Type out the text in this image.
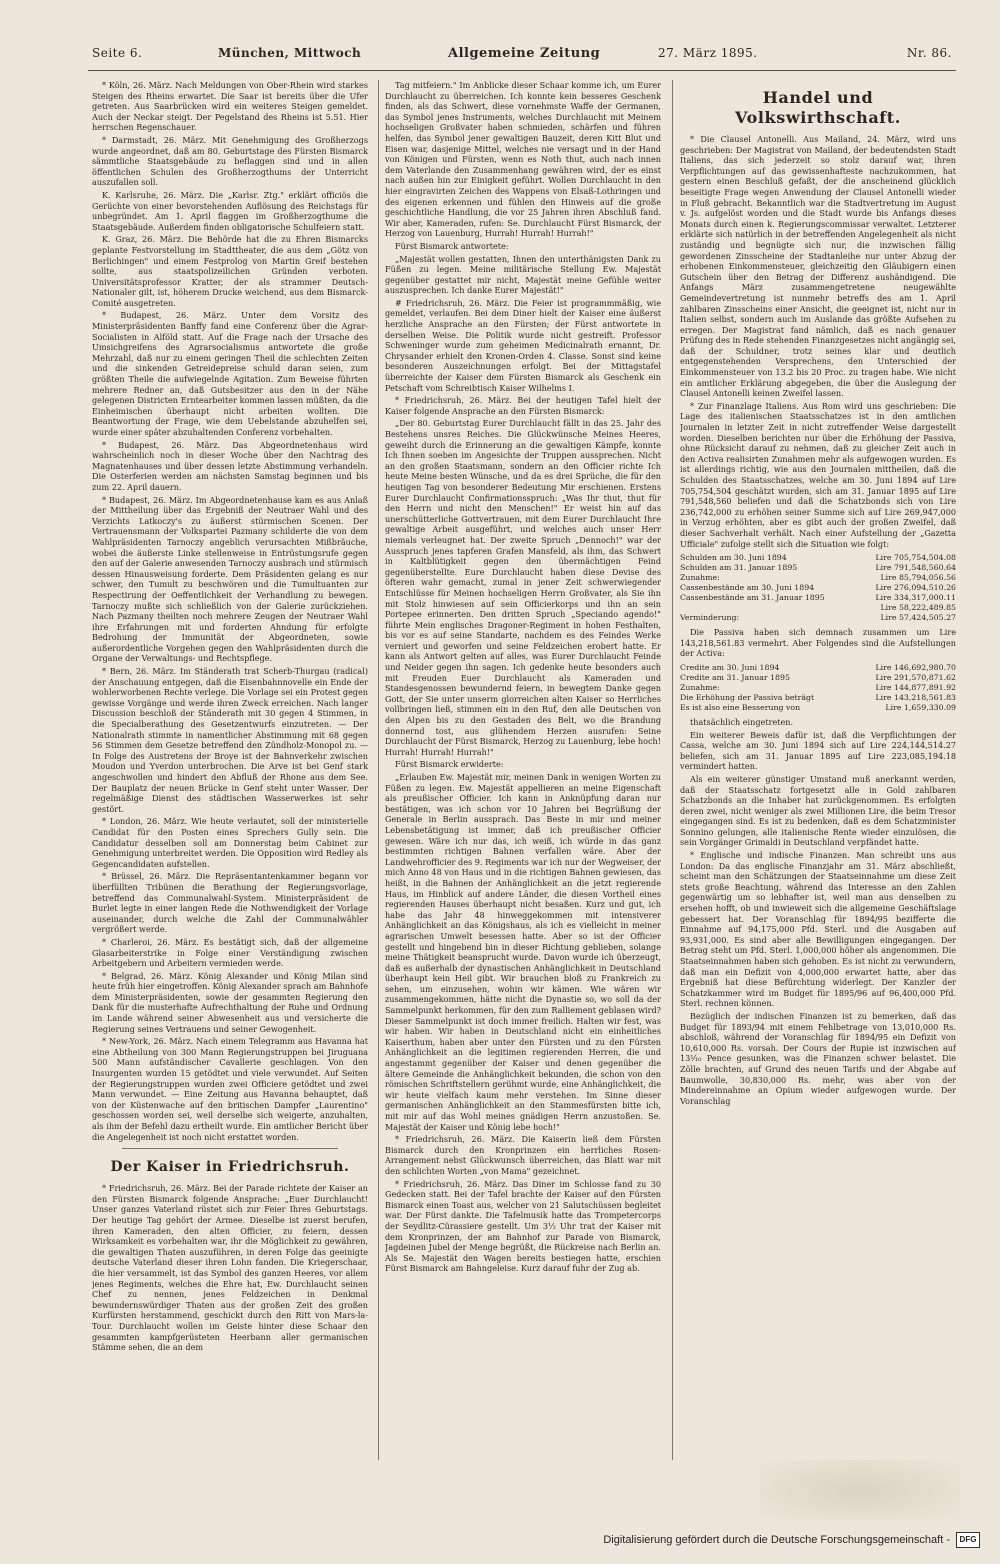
Seite 6.	München, Mittwoch	Allgemeine Zeitung	27. März 1895.	Nr. 86.

* Köln, 26. März. Nach Meldungen von Ober-Rhein wird starkes Steigen des Rheins erwartet. Die Saar ist bereits über die Ufer getreten. Aus Saarbrücken wird ein weiteres Steigen gemeldet. Auch der Neckar steigt. Der Pegelstand des Rheins ist 5.51. Hier herrschen Regenschauer.

* Darmstadt, 26. März. Mit Genehmigung des Großherzogs wurde angeordnet, daß am 80. Geburtstage des Fürsten Bismarck sämmtliche Staatsgebäude zu beflaggen sind und in allen öffentlichen Schulen des Großherzogthums der Unterricht auszufallen soll.

K. Karlsruhe, 26. März. Die „Karlsr. Ztg." erklärt officiös die Gerüchte von einer bevorstehenden Auflösung des Reichstags für unbegründet. Am 1. April flaggen im Großherzogthume die Staatsgebäude. Außerdem finden obligatorische Schulfeiern statt.

K. Graz, 26. März. Die Behörde hat die zu Ehren Bismarcks geplante Festvorstellung im Stadttheater, die aus dem „Götz von Berlichingen" und einem Festprolog von Martin Greif bestehen sollte, aus staatspolizeilichen Gründen verboten. Universitätsprofessor Kratter, der als strammer Deutsch-Nationaler gilt, ist, höherem Drucke weichend, aus dem Bismarck-Comité ausgetreten.

* Budapest, 26. März. Unter dem Vorsitz des Ministerpräsidenten Banffy fand eine Conferenz über die Agrar-Socialisten in Alföld statt. Auf die Frage nach der Ursache des Umsichgreifens des Agrarsocialismus antwortete die große Mehrzahl, daß nur zu einem geringen Theil die schlechten Zeiten und die sinkenden Getreidepreise schuld daran seien, zum größten Theile die aufwiegelnde Agitation. Zum Beweise führten mehrere Redner an, daß Gutsbesitzer aus den in der Nähe gelegenen Districten Erntearbeiter kommen lassen müßten, da die Einheimischen überhaupt nicht arbeiten wollten. Die Beantwortung der Frage, wie dem Uebelstande abzuhelfen sei, wurde einer später abzuhaltenden Conferenz vorbehalten.

* Budapest, 26. März. Das Abgeordnetenhaus wird wahrscheinlich noch in dieser Woche über den Nachtrag des Magnatenhauses und über dessen letzte Abstimmung verhandeln. Die Osterferien werden am nächsten Samstag beginnen und bis zum 22. April dauern.

* Budapest, 26. März. Im Abgeordnetenhause kam es aus Anlaß der Mittheilung über das Ergebniß der Neutraer Wahl und des Verzichts Latkoczy's zu äußerst stürmischen Scenen. Der Vertrauensmann der Volkspartei Pazmany schilderte die von dem Wahlpräsidenten Tarnoczy angeblich verursachten Mißbräuche, wobei die äußerste Linke stellenweise in Entrüstungsrufe gegen den auf der Galerie anwesenden Tarnoczy ausbrach und stürmisch dessen Hinausweisung forderte. Dem Präsidenten gelang es nur schwer, den Tumult zu beschwören und die Tumultuanten zur Respectirung der Oeffentlichkeit der Verhandlung zu bewegen. Tarnoczy mußte sich schließlich von der Galerie zurückziehen. Nach Pazmany theilten noch mehrere Zeugen der Neutraer Wahl ihre Erfahrungen mit und forderten Ahndung für erfolgte Bedrohung der Immunität der Abgeordneten, sowie außerordentliche Vorgehen gegen den Wahlpräsidenten durch die Organe der Verwaltungs- und Rechtspflege.

* Bern, 26. März. Im Ständerath trat Scherb-Thurgau (radical) der Anschauung entgegen, daß die Eisenbahnnovelle ein Ende der wohlerworbenen Rechte verlege. Die Vorlage sei ein Protest gegen gewisse Vorgänge und werde ihren Zweck erreichen. Nach langer Discussion beschloß der Ständerath mit 30 gegen 4 Stimmen, in die Specialberathung des Gesetzentwurfs einzutreten. — Der Nationalrath stimmte in namentlicher Abstimmung mit 68 gegen 56 Stimmen dem Gesetze betreffend den Zündholz-Monopol zu. — In Folge des Austretens der Broye ist der Bahnverkehr zwischen Moudon und Yverdon unterbrochen. Die Arve ist bei Genf stark angeschwollen und hindert den Abfluß der Rhone aus dem See. Der Bauplatz der neuen Brücke in Genf steht unter Wasser. Der regelmäßige Dienst des städtischen Wasserwerkes ist sehr gestört.

* London, 26. März. Wie heute verlautet, soll der ministerielle Candidat für den Posten eines Sprechers Gully sein. Die Candidatur desselben soll am Donnerstag beim Cabinet zur Genehmigung unterbreitet werden. Die Opposition wird Redley als Gegencandidaten aufstellen.

* Brüssel, 26. März. Die Repräsentantenkammer begann vor überfüllten Tribünen die Berathung der Regierungsvorlage, betreffend das Communalwahl-System. Ministerpräsident de Burlet legte in einer langen Rede die Nothwendigkeit der Vorlage auseinander, durch welche die Zahl der Communalwähler vergrößert werde.

* Charleroi, 26. März. Es bestätigt sich, daß der allgemeine Glasarbeiterstrike in Folge einer Verständigung zwischen Arbeitgebern und Arbeitern vermieden werde.

* Belgrad, 26. März. König Alexander und König Milan sind heute früh hier eingetroffen. König Alexander sprach am Bahnhofe dem Ministerpräsidenten, sowie der gesammten Regierung den Dank für die musterhafte Aufrechthaltung der Ruhe und Ordnung im Lande während seiner Abwesenheit aus und versicherte die Regierung seines Vertrauens und seiner Gewogenheit.

* New-York, 26. März. Nach einem Telegramm aus Havanna hat eine Abtheilung von 300 Mann Regierungstruppen bei Jiruguana 500 Mann aufständischer Cavallerie geschlagen. Von den Insurgenten wurden 15 getödtet und viele verwundet. Auf Seiten der Regierungstruppen wurden zwei Officiere getödtet und zwei Mann verwundet. — Eine Zeitung aus Havanna behauptet, daß von der Küstenwache auf den britischen Dampfer „Laurentino" geschossen worden sei, weil derselbe sich weigerte, anzuhalten, als ihm der Befehl dazu ertheilt wurde. Ein amtlicher Bericht über die Angelegenheit ist noch nicht erstattet worden.

Der Kaiser in Friedrichsruh.

* Friedrichsruh, 26. März. Bei der Parade richtete der Kaiser an den Fürsten Bismarck folgende Ansprache: „Euer Durchlaucht! Unser ganzes Vaterland rüstet sich zur Feier Ihres Geburtstags. Der heutige Tag gehört der Armee. Dieselbe ist zuerst berufen, ihren Kameraden, den alten Officier, zu feiern, dessen Wirksamkeit es vorbehalten war, ihr die Möglichkeit zu gewähren, die gewaltigen Thaten auszuführen, in deren Folge das geeinigte deutsche Vaterland dieser ihren Lohn fanden. Die Kriegerschaar, die hier versammelt, ist das Symbol des ganzen Heeres, vor allem jenes Regiments, welches die Ehre hat, Ew. Durchlaucht seinen Chef zu nennen, jenes Feldzeichen in Denkmal bewundernswürdiger Thaten aus der großen Zeit des großen Kurfürsten herstammend, geschickt durch den Ritt von Mars-la-Tour. Durchlaucht wollen im Geiste hinter diese Schaar den gesammten kampfgerüsteten Heerbann aller germanischen Stämme sehen, die an dem

Tag mitfeiern." Im Anblicke dieser Schaar komme ich, um Eurer Durchlaucht zu überreichen. Ich konnte kein besseres Geschenk finden, als das Schwert, diese vornehmste Waffe der Germanen, das Symbol jenes Instruments, welches Durchlaucht mit Meinem hochseligen Großvater haben schmieden, schärfen und führen helfen, das Symbol jener gewaltigen Bauzeit, deren Kitt Blut und Eisen war, dasjenige Mittel, welches nie versagt und in der Hand von Königen und Fürsten, wenn es Noth thut, auch nach innen dem Vaterlande den Zusammenhang gewähren wird, der es einst nach außen hin zur Einigkeit geführt. Wollen Durchlaucht in den hier eingravirten Zeichen des Wappens von Elsaß-Lothringen und des eigenen erkennen und fühlen den Hinweis auf die große geschichtliche Handlung, die vor 25 Jahren ihren Abschluß fand. Wir aber, Kameraden, rufen: Se. Durchlaucht Fürst Bismarck, der Herzog von Lauenburg, Hurrah! Hurrah! Hurrah!"

Fürst Bismarck antwortete:

„Majestät wollen gestatten, Ihnen den unterthänigsten Dank zu Füßen zu legen. Meine militärische Stellung Ew. Majestät gegenüber gestattet mir nicht, Majestät meine Gefühle weiter auszusprechen. Ich danke Eurer Majestät!"

# Friedrichsruh, 26. März. Die Feier ist programmmäßig, wie gemeldet, verlaufen. Bei dem Diner hielt der Kaiser eine äußerst herzliche Ansprache an den Fürsten; der Fürst antwortete in derselben Weise. Die Politik wurde nicht gestreift. Professor Schweninger wurde zum geheimen Medicinalrath ernannt, Dr. Chrysander erhielt den Kronen-Orden 4. Classe. Sonst sind keine besonderen Auszeichnungen erfolgt. Bei der Mittagstafel überreichte der Kaiser dem Fürsten Bismarck als Geschenk ein Petschaft vom Schreibtisch Kaiser Wilhelms I.

* Friedrichsruh, 26. März. Bei der heutigen Tafel hielt der Kaiser folgende Ansprache an den Fürsten Bismarck:

„Der 80. Geburtstag Eurer Durchlaucht fällt in das 25. Jahr des Bestehens unsres Reiches. Die Glückwünsche Meines Heeres, geweiht durch die Erinnerung an die gewaltigen Kämpfe, konnte Ich Ihnen soeben im Angesichte der Truppen aussprechen. Nicht an den großen Staatsmann, sondern an den Officier richte Ich heute Meine besten Wünsche, und da es drei Sprüche, die für den heutigen Tag von besonderer Bedeutung Mir erschienen. Erstens Eurer Durchlaucht Confirmationsspruch: „Was Ihr thut, thut für den Herrn und nicht den Menschen!" Er weist hin auf das unerschütterliche Gottvertrauen, mit dem Eurer Durchlaucht Ihre gewaltige Arbeit ausgeführt, und welches auch unser Herr niemals verleugnet hat. Der zweite Spruch „Dennoch!" war der Ausspruch jenes tapferen Grafen Mansfeld, als ihm, das Schwert in Kaltblütigkeit gegen den übermächtigen Feind gegenüberstellte. Eure Durchlaucht haben diese Devise des öfteren wahr gemacht, zumal in jener Zeit schwerwiegender Entschlüsse für Meinen hochseligen Herrn Großvater, als Sie ihn mit Stolz hinwiesen auf sein Officierkorps und ihn an sein Portepee erinnerten. Den dritten Spruch „Speciando agendo!" führte Mein englisches Dragoner-Regiment in hohen Festhalten, bis vor es auf seine Standarte, nachdem es des Feindes Werke verniert und geworfen und seine Feldzeichen erobert hatte. Er kann als Antwort gelten auf alles, was Eurer Durchlaucht Feinde und Neider gegen ihn sagen. Ich gedenke heute besonders auch mit Freuden Euer Durchlaucht als Kameraden und Standesgenossen bewundernd feiern, in bewegtem Danke gegen Gott, der Sie unter unserm glorreichen alten Kaiser so Herrliches vollbringen ließ, stimmen ein in den Ruf, den alle Deutschen von den Alpen bis zu den Gestaden des Belt, wo die Brandung donnernd tost, aus glühendem Herzen ausrufen: Seine Durchlaucht der Fürst Bismarck, Herzog zu Lauenburg, lebe hoch! Hurrah! Hurrah! Hurrah!"

Fürst Bismarck erwiderte:

„Erlauben Ew. Majestät mir, meinen Dank in wenigen Worten zu Füßen zu legen. Ew. Majestät appellieren an meine Eigenschaft als preußischer Officier. Ich kann in Anknüpfung daran nur bestätigen, was ich schon vor 10 Jahren bei Begrüßung der Generale in Berlin aussprach. Das Beste in mir und meiner Lebensbetätigung ist immer, daß ich preußischer Officier gewesen. Wäre ich nur das, ich weiß, ich würde in das ganz bestimmten richtigen Bahnen verfallen wäre. Aber der Landwehrofficier des 9. Regiments war ich nur der Wegweiser, der mich Anno 48 von Haus und in die richtigen Bahnen gewiesen, das heißt, in die Bahnen der Anhänglichkeit an die jetzt regierende Haus, im Hinblick auf andere Länder, die diesen Vortheil eines regierenden Hauses überhaupt nicht besaßen. Kurz und gut, ich habe das Jahr 48 hinweggekommen mit intensiverer Anhänglichkeit an das Königshaus, als ich es vielleicht in meiner agrarischen Umwelt besessen hatte. Aber so ist der Officier gestellt und hingebend bin in dieser Richtung geblieben, solange meine Thätigkeit beansprucht wurde. Davon wurde ich überzeugt, daß es außerhalb der dynastischen Anhänglichkeit in Deutschland überhaupt kein Heil gibt. Wir brauchen bloß zu Frankreich zu sehen, um einzusehen, wohin wir kämen. Wie wären wir zusammengekommen, hätte nicht die Dynastie so, wo soll da der Sammelpunkt herkommen, für den zum Ralliement geblasen wird? Dieser Sammelpunkt ist doch immer freilich. Halten wir fest, was wir haben. Wir haben in Deutschland nicht ein einheitliches Kaiserthum, haben aber unter den Fürsten und zu den Fürsten Anhänglichkeit an die legitimen regierenden Herren, die und angestammt gegenüber der Kaiser und denen gegenüber die ältere Gemeinde die Anhänglichkeit bekunden, die schon von den römischen Schriftstellern gerühmt wurde, eine Anhänglichkeit, die wir heute vielfach kaum mehr verstehen. Im Sinne dieser germanischen Anhänglichkeit an den Stammesfürsten bitte ich, mit mir auf das Wohl meines gnädigen Herrn anzustoßen. Se. Majestät der Kaiser und König lebe hoch!"

* Friedrichsruh, 26. März. Die Kaiserin ließ dem Fürsten Bismarck durch den Kronprinzen ein herrliches Rosen-Arrangement nebst Glückwunsch überreichen, das Blatt war mit den schlichten Worten „von Mama" gezeichnet.

* Friedrichsruh, 26. März. Das Diner im Schlosse fand zu 30 Gedecken statt. Bei der Tafel brachte der Kaiser auf den Fürsten Bismarck einen Toast aus, welcher von 21 Salutschüssen begleitet war. Der Fürst dankte. Die Tafelmusik hatte das Trompetercorps der Seydlitz-Cürassiere gestellt. Um 3½ Uhr trat der Kaiser mit dem Kronprinzen, der am Bahnhof zur Parade von Bismarck, Jagdeinen Jubel der Menge begrüßt, die Rückreise nach Berlin an. Als Se. Majestät den Wagen bereits bestiegen hatte, erschien Fürst Bismarck am Bahngeleise. Kurz darauf fuhr der Zug ab.

Handel und Volkswirthschaft.

* Die Clausel Antonelli. Aus Mailand, 24. März, wird uns geschrieben: Der Magistrat von Mailand, der bedeutendsten Stadt Italiens, das sich jederzeit so stolz darauf war, ihren Verpflichtungen auf das gewissenhafteste nachzukommen, hat gestern einen Beschluß gefaßt, der die anscheinend glücklich beseitigte Frage wegen Anwendung der Clausel Antonelli wieder in Fluß gebracht. Bekanntlich war die Stadtvertretung im August v. Js. aufgelöst worden und die Stadt wurde bis Anfangs dieses Monats durch einen k. Regierungscommissar verwaltet. Letzterer erklärte sich natürlich in der betreffenden Angelegenheit als nicht zuständig und begnügte sich nur, die inzwischen fällig gewordenen Zinsscheine der Stadtanleihe nur unter Abzug der erhobenen Einkommensteuer, gleichzeitig den Gläubigern einen Gutschein über den Betrag der Differenz aushändigend. Die Anfangs März zusammengetretene neugewählte Gemeindevertretung ist nunmehr betreffs des am 1. April zahlbaren Zinsscheins einer Ansicht, die geeignet ist, nicht nur in Italien selbst, sondern auch im Auslande das größte Aufsehen zu erregen. Der Magistrat fand nämlich, daß es nach genauer Prüfung des in Rede stehenden Finanzgesetzes nicht angängig sei, daß der Schuldner, trotz seines klar und deutlich entgegenstehenden Versprechens, den Unterschied der Einkommensteuer von 13.2 bis 20 Proc. zu tragen habe. Wie nicht ein amtlicher Erklärung abgegeben, die über die Auslegung der Clausel Antonelli keinen Zweifel lassen.

* Zur Finanzlage Italiens. Aus Rom wird uns geschrieben: Die Lage des italienischen Staatsschatzes ist in den amtlichen Journalen in letzter Zeit in nicht zutreffender Weise dargestellt worden. Dieselben berichten nur über die Erhöhung der Passiva, ohne Rücksicht darauf zu nehmen, daß zu gleicher Zeit auch in den Activa realisirten Zunahmen mehr als aufgewogen wurden. Es ist allerdings richtig, wie aus den Journalen mittheilen, daß die Schulden des Staatsschatzes, welche am 30. Juni 1894 auf Lire 705,754,504 geschätzt wurden, sich am 31. Januar 1895 auf Lire 791,548,560 beliefen und daß die Schatzbonds sich von Lire 236,742,000 zu erhöhen seiner Summe sich auf Lire 269,947,000 in Verzug erhöhten, aber es gibt auch der großen Zweifel, daß dieser Sachverhalt verhält. Nach einer Aufstellung der „Gazetta Ufficiale" zufolge stellt sich die Situation wie folgt:

Schulden am 30. Juni 1894	Lire 705,754,504.08
Schulden am 31. Januar 1895	Lire 791,548,560.64
Zunahme:	Lire 85,794,056.56
Cassenbestände am 30. Juni 1894	Lire 276,094,510.26
Cassenbestände am 31. Januar 1895	Lire 334,317,000.11
	Lire 58,222,489.85
Verminderung:	Lire 57,424,505.27

Die Passiva haben sich demnach zusammen um Lire 143,218,561.83 vermehrt. Aber Folgendes sind die Aufstellungen der Activa:

Credite am 30. Juni 1894	Lire 146,692,980.70
Credite am 31. Januar 1895	Lire 291,570,871.62
Zunahme:	Lire 144,877,891.92
Die Erhöhung der Passiva beträgt	Lire 143,218,561.83
Es ist also eine Besserung von	Lire 1,659,330.09

thatsächlich eingetreten.

Ein weiterer Beweis dafür ist, daß die Verpflichtungen der Cassa, welche am 30. Juni 1894 sich auf Lire 224,144,514.27 beliefen, sich am 31. Januar 1895 auf Lire 223,085,194.18 vermindert hatten.

Als ein weiterer günstiger Umstand muß anerkannt werden, daß der Staatsschatz fortgesetzt alle in Gold zahlbaren Schatzbonds an die Inhaber hat zurückgenommen. Es erfolgten deren zwei, nicht weniger als zwei Millionen Lire, die beim Tresor eingegangen sind. Es ist zu bedenken, daß es dem Schatzminister Sonnino gelungen, alle italienische Rente wieder einzulösen, die sein Vorgänger Grimaldi in Deutschland verpfändet hatte.

* Englische und indische Finanzen. Man schreibt uns aus London: Da das englische Finanzjahr am 31. März abschließt, scheint man den Schätzungen der Staatseinnahme um diese Zeit stets große Beachtung, während das Interesse an den Zahlen gegenwärtig um so lebhafter ist, weil man aus denselben zu ersehen hofft, ob und inwieweit sich die allgemeine Geschäftslage gebessert hat. Der Voranschlag für 1894/95 bezifferte die Einnahme auf 94,175,000 Pfd. Sterl. und die Ausgaben auf 93,931,000. Es sind aber alle Bewilligungen eingegangen. Der Betrag steht um Pfd. Sterl. 1,000,000 höher als angenommen. Die Staatseinnahmen haben sich gehoben. Es ist nicht zu verwundern, daß man ein Defizit von 4,000,000 erwartet hatte, aber das Ergebniß hat diese Befürchtung widerlegt. Der Kanzler der Schatzkammer wird im Budget für 1895/96 auf 96,400,000 Pfd. Sterl. rechnen können.

Bezüglich der indischen Finanzen ist zu bemerken, daß das Budget für 1893/94 mit einem Fehlbetrage von 13,010,000 Rs. abschloß, während der Voranschlag für 1894/95 ein Defizit von 10,610,000 Rs. vorsah. Der Cours der Rupie ist inzwischen auf 13¹⁄₁₀ Pence gesunken, was die Finanzen schwer belastet. Die Zölle brachten, auf Grund des neuen Tarifs und der Abgabe auf Baumwolle, 30,830,000 Rs. mehr, was aber von der Mindereinnahme an Opium wieder aufgewogen wurde. Der Voranschlag

Digitalisierung gefördert durch die Deutsche Forschungsgemeinschaft -	DFG
